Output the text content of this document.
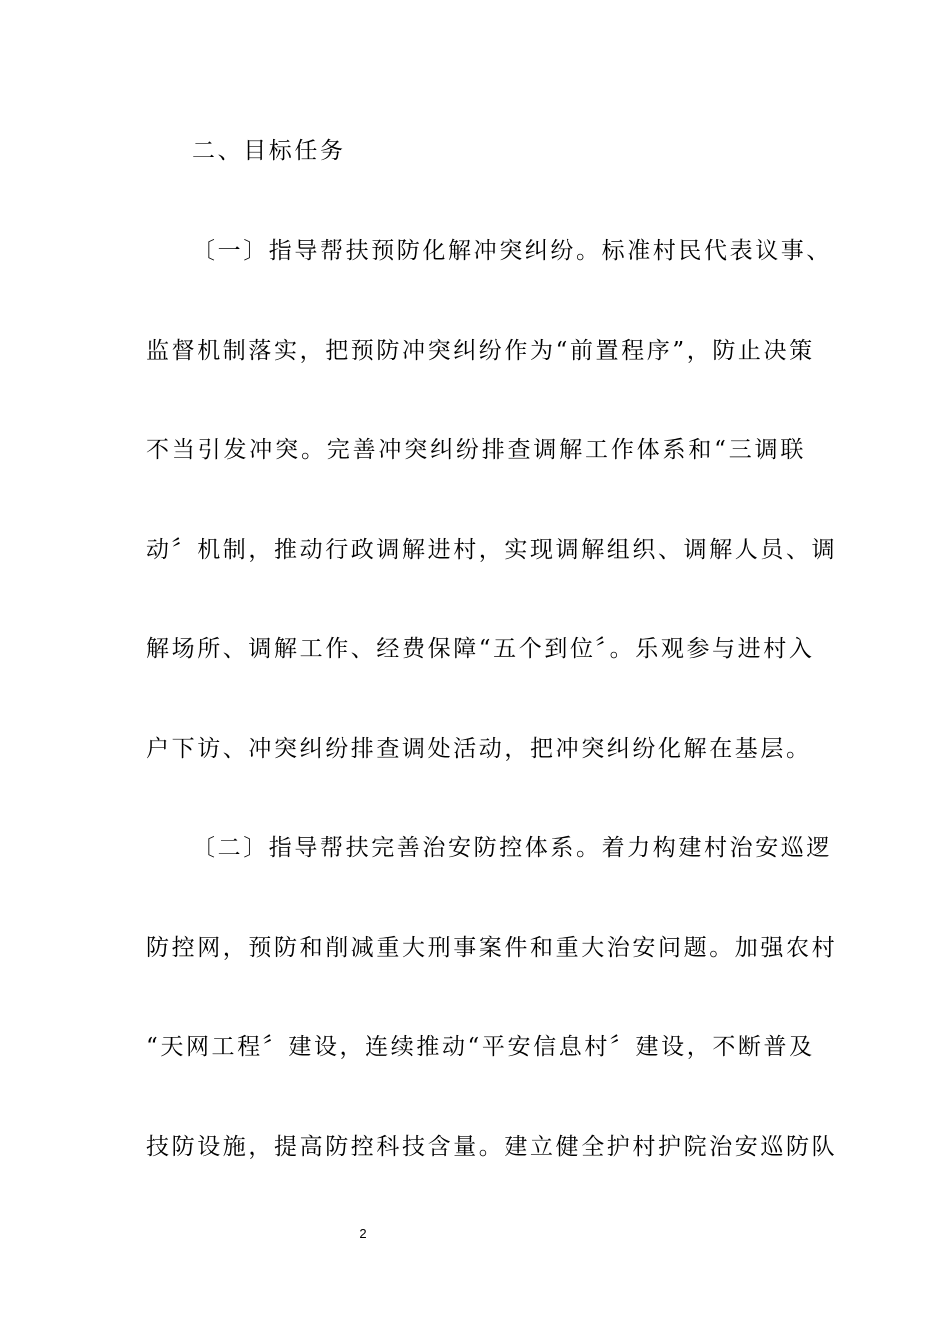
二、目标任务
〔一〕指导帮扶预防化解冲突纠纷。标准村民代表议事、
监督机制落实，把预防冲突纠纷作为“前置程序”，防止决策
不当引发冲突。完善冲突纠纷排查调解工作体系和“三调联
动〞机制，推动行政调解进村，实现调解组织、调解人员、调
解场所、调解工作、经费保障“五个到位〞。乐观参与进村入
户下访、冲突纠纷排查调处活动，把冲突纠纷化解在基层。
〔二〕指导帮扶完善治安防控体系。着力构建村治安巡逻
防控网，预防和削减重大刑事案件和重大治安问题。加强农村
“天网工程〞建设，连续推动“平安信息村〞建设，不断普及
技防设施，提高防控科技含量。建立健全护村护院治安巡防队
2
